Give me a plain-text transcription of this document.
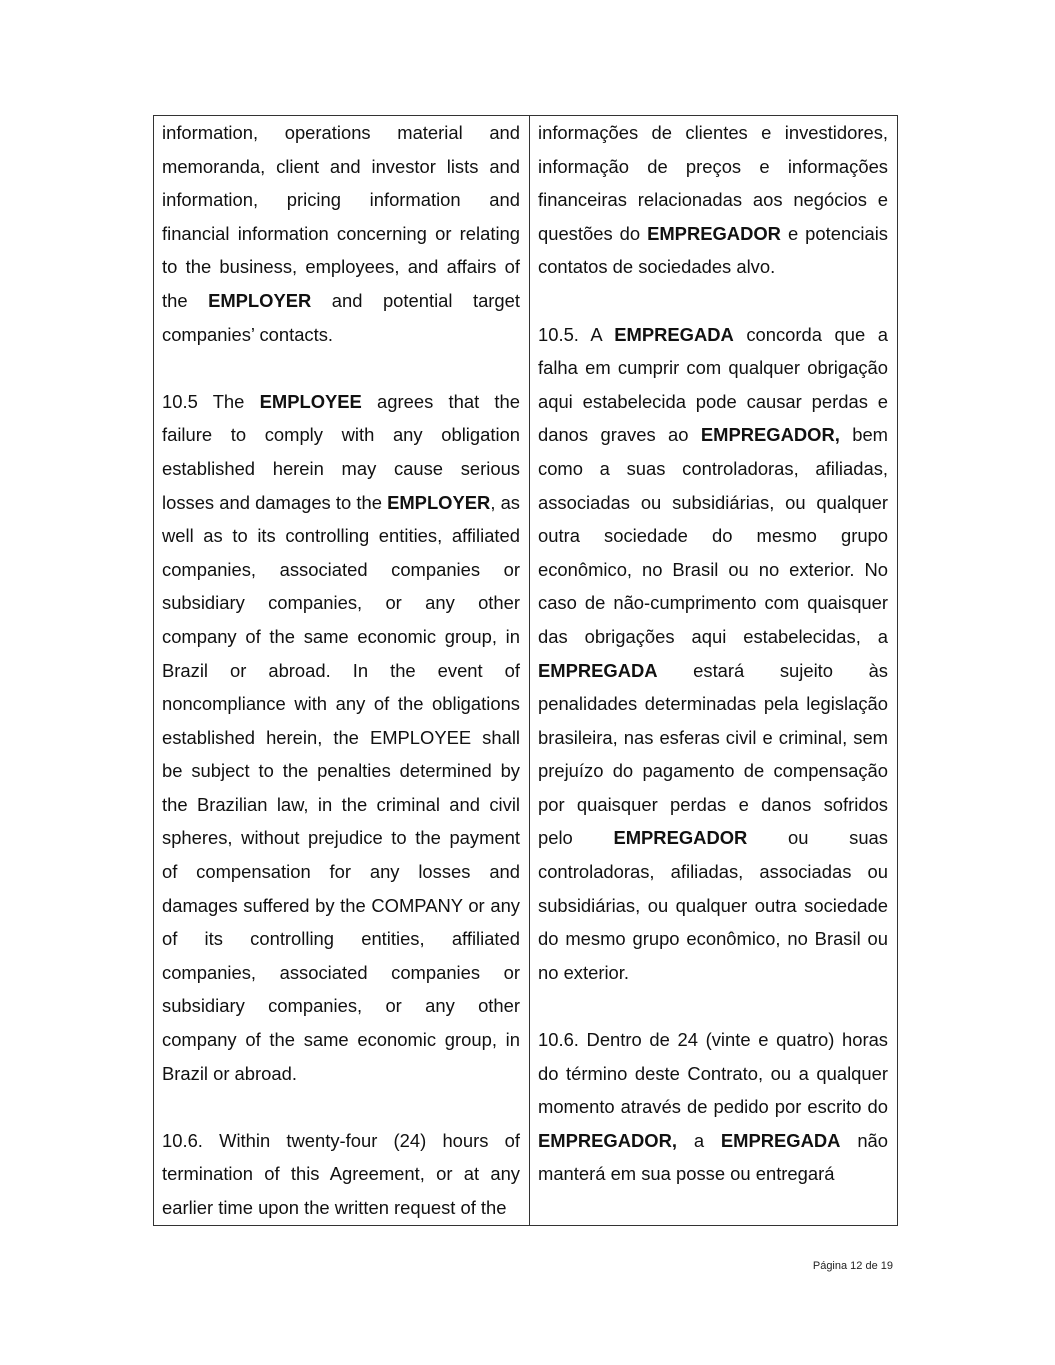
information, operations material and memoranda, client and investor lists and information, pricing information and financial information concerning or relating to the business, employees, and affairs of the EMPLOYER and potential target companies’ contacts.

10.5 The EMPLOYEE agrees that the failure to comply with any obligation established herein may cause serious losses and damages to the EMPLOYER, as well as to its controlling entities, affiliated companies, associated companies or subsidiary companies, or any other company of the same economic group, in Brazil or abroad. In the event of noncompliance with any of the obligations established herein, the EMPLOYEE shall be subject to the penalties determined by the Brazilian law, in the criminal and civil spheres, without prejudice to the payment of compensation for any losses and damages suffered by the COMPANY or any of its controlling entities, affiliated companies, associated companies or subsidiary companies, or any other company of the same economic group, in Brazil or abroad.

10.6. Within twenty-four (24) hours of termination of this Agreement, or at any earlier time upon the written request of the

informações de clientes e investidores, informação de preços e informações financeiras relacionadas aos negócios e questões do EMPREGADOR e potenciais contatos de sociedades alvo.

10.5. A EMPREGADA concorda que a falha em cumprir com qualquer obrigação aqui estabelecida pode causar perdas e danos graves ao EMPREGADOR, bem como a suas controladoras, afiliadas, associadas ou subsidiárias, ou qualquer outra sociedade do mesmo grupo econômico, no Brasil ou no exterior. No caso de não-cumprimento com quaisquer das obrigações aqui estabelecidas, a EMPREGADA estará sujeito às penalidades determinadas pela legislação brasileira, nas esferas civil e criminal, sem prejuízo do pagamento de compensação por quaisquer perdas e danos sofridos pelo EMPREGADOR ou suas controladoras, afiliadas, associadas ou subsidiárias, ou qualquer outra sociedade do mesmo grupo econômico, no Brasil ou no exterior.

10.6. Dentro de 24 (vinte e quatro) horas do término deste Contrato, ou a qualquer momento através de pedido por escrito do EMPREGADOR, a EMPREGADA não manterá em sua posse ou entregará

Página 12 de 19
